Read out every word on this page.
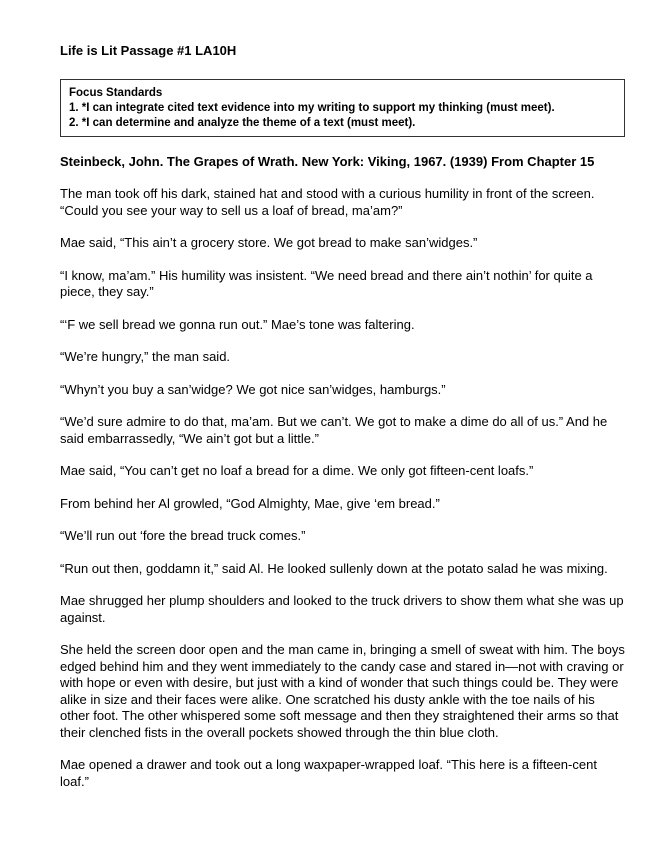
Life is Lit Passage #1 LA10H
Focus Standards
1. *I can integrate cited text evidence into my writing to support my thinking (must meet).
2. *I can determine and analyze the theme of a text (must meet).
Steinbeck, John. The Grapes of Wrath. New York: Viking, 1967. (1939) From Chapter 15

The man took off his dark, stained hat and stood with a curious humility in front of the screen. “Could you see your way to sell us a loaf of bread, ma’am?”

Mae said, “This ain’t a grocery store. We got bread to make san’widges.”

“I know, ma’am.” His humility was insistent. “We need bread and there ain’t nothin’ for quite a piece, they say.”

“‘F we sell bread we gonna run out.” Mae’s tone was faltering.

“We’re hungry,” the man said.

“Whyn’t you buy a san’widge? We got nice san’widges, hamburgs.”

“We’d sure admire to do that, ma’am. But we can’t. We got to make a dime do all of us.” And he said embarrassedly, “We ain’t got but a little.”

Mae said, “You can’t get no loaf a bread for a dime. We only got fifteen-cent loafs.”

From behind her Al growled, “God Almighty, Mae, give ‘em bread.”

“We’ll run out ‘fore the bread truck comes.”

“Run out then, goddamn it,” said Al. He looked sullenly down at the potato salad he was mixing.

Mae shrugged her plump shoulders and looked to the truck drivers to show them what she was up against.

She held the screen door open and the man came in, bringing a smell of sweat with him. The boys edged behind him and they went immediately to the candy case and stared in—not with craving or with hope or even with desire, but just with a kind of wonder that such things could be. They were alike in size and their faces were alike. One scratched his dusty ankle with the toe nails of his other foot. The other whispered some soft message and then they straightened their arms so that their clenched fists in the overall pockets showed through the thin blue cloth.

Mae opened a drawer and took out a long waxpaper-wrapped loaf. “This here is a fifteen-cent loaf.”
